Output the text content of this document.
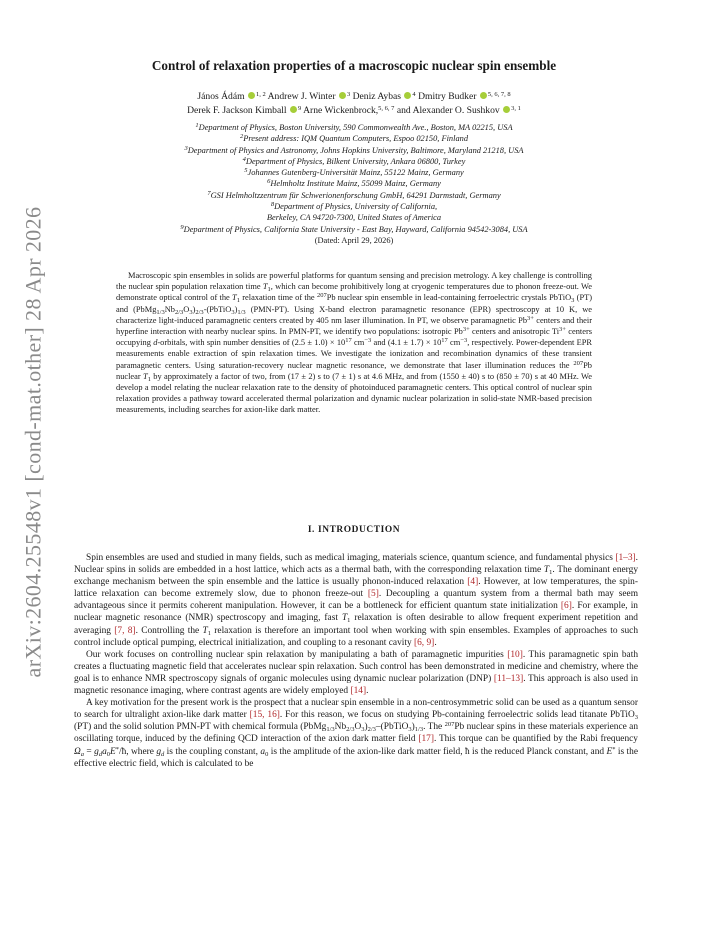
arXiv:2604.25548v1 [cond-mat.other] 28 Apr 2026
Control of relaxation properties of a macroscopic nuclear spin ensemble
János Ádám $^{1, 2}$ Andrew J. Winter $^3$ Deniz Aybas $^4$ Dmitry Budker $^{5, 6, 7, 8}$
Derek F. Jackson Kimball $^9$ Arne Wickenbrock,$^{5, 6, 7}$ and Alexander O. Sushkov $^{3, 1}$
$^1$Department of Physics, Boston University, 590 Commonwealth Ave., Boston, MA 02215, USA
$^2$Present address: IQM Quantum Computers, Espoo 02150, Finland
$^3$Department of Physics and Astronomy, Johns Hopkins University, Baltimore, Maryland 21218, USA
$^4$Department of Physics, Bilkent University, Ankara 06800, Turkey
$^5$Johannes Gutenberg-Universität Mainz, 55122 Mainz, Germany
$^6$Helmholtz Institute Mainz, 55099 Mainz, Germany
$^7$GSI Helmholtzzentrum für Schwerionenforschung GmbH, 64291 Darmstadt, Germany
$^8$Department of Physics, University of California,
Berkeley, CA 94720-7300, United States of America
$^9$Department of Physics, California State University - East Bay, Hayward, California 94542-3084, USA
(Dated: April 29, 2026)

Macroscopic spin ensembles in solids are powerful platforms for quantum sensing and precision metrology. A key challenge is controlling the nuclear spin population relaxation time $T_1$, which can become prohibitively long at cryogenic temperatures due to phonon freeze-out. We demonstrate optical control of the $T_1$ relaxation time of the $^{207}$Pb nuclear spin ensemble in lead-containing ferroelectric crystals PbTiO$_3$ (PT) and $(PbMg_{1/3}Nb_{2/3}O_3)_{2/3}-(PbTiO_3)_{1/3}$ (PMN-PT). Using X-band electron paramagnetic resonance (EPR) spectroscopy at 10 K, we characterize light-induced paramagnetic centers created by 405 nm laser illumination. In PT, we observe paramagnetic $Pb^{3+}$ centers and their hyperfine interaction with nearby nuclear spins. In PMN-PT, we identify two populations: isotropic $Pb^{3+}$ centers and anisotropic $Ti^{3+}$ centers occupying d-orbitals, with spin number densities of $(2.5 \pm 1.0) \times 10^{17}$ $cm^{-3}$ and $(4.1 \pm 1.7) \times 10^{17}$ $cm^{-3}$, respectively. Power-dependent EPR measurements enable extraction of spin relaxation times. We investigate the ionization and recombination dynamics of these transient paramagnetic centers. Using saturation-recovery nuclear magnetic resonance, we demonstrate that laser illumination reduces the $^{207}$Pb nuclear $T_1$ by approximately a factor of two, from (17 ± 2) s to (7 ± 1) s at 4.6 MHz, and from (1550 ± 40) s to (850 ± 70) s at 40 MHz. We develop a model relating the nuclear relaxation rate to the density of photoinduced paramagnetic centers. This optical control of nuclear spin relaxation provides a pathway toward accelerated thermal polarization and dynamic nuclear polarization in solid-state NMR-based precision measurements, including searches for axion-like dark matter.

I. INTRODUCTION

Spin ensembles are used and studied in many fields, such as medical imaging, materials science, quantum science, and fundamental physics [1–3]. Nuclear spins in solids are embedded in a host lattice, which acts as a thermal bath, with the corresponding relaxation time $T_1$. The dominant energy exchange mechanism between the spin ensemble and the lattice is usually phonon-induced relaxation [4]. However, at low temperatures, the spin-lattice relaxation can become extremely slow, due to phonon freeze-out [5]. Decoupling a quantum system from a thermal bath may seem advantageous since it permits coherent manipulation. However, it can be a bottleneck for efficient quantum state initialization [6]. For example, in nuclear magnetic resonance (NMR) spectroscopy and imaging, fast $T_1$ relaxation is often desirable to allow frequent experiment repetition and averaging [7, 8]. Controlling the $T_1$ relaxation is therefore an important tool when working with spin ensembles. Examples of approaches to such control include optical pumping, electrical initialization, and coupling to a resonant cavity [6, 9].

Our work focuses on controlling nuclear spin relaxation by manipulating a bath of paramagnetic impurities [10]. This paramagnetic spin bath creates a fluctuating magnetic field that accelerates nuclear spin relaxation. Such control has been demonstrated in medicine and chemistry, where the goal is to enhance NMR spectroscopy signals of organic molecules using dynamic nuclear polarization (DNP) [11–13]. This approach is also used in magnetic resonance imaging, where contrast agents are widely employed [14].

A key motivation for the present work is the prospect that a nuclear spin ensemble in a non-centrosymmetric solid can be used as a quantum sensor to search for ultralight axion-like dark matter [15, 16]. For this reason, we focus on studying Pb-containing ferroelectric solids lead titanate PbTiO$_3$ (PT) and the solid solution PMN-PT with chemical formula $(PbMg_{1/3}Nb_{2/3}O_3)_{2/3}-(PbTiO_3)_{1/3}$. The $^{207}$Pb nuclear spins in these materials experience an oscillating torque, induced by the defining QCD interaction of the axion dark matter field [17]. This torque can be quantified by the Rabi frequency $\Omega_a$ = $g_da_0E^*/ħ$, where $g_d$ is the coupling constant, $a_0$ is the amplitude of the axion-like dark matter field, ħ is the reduced Planck constant, and E* is the effective electric field, which is calculated to be
